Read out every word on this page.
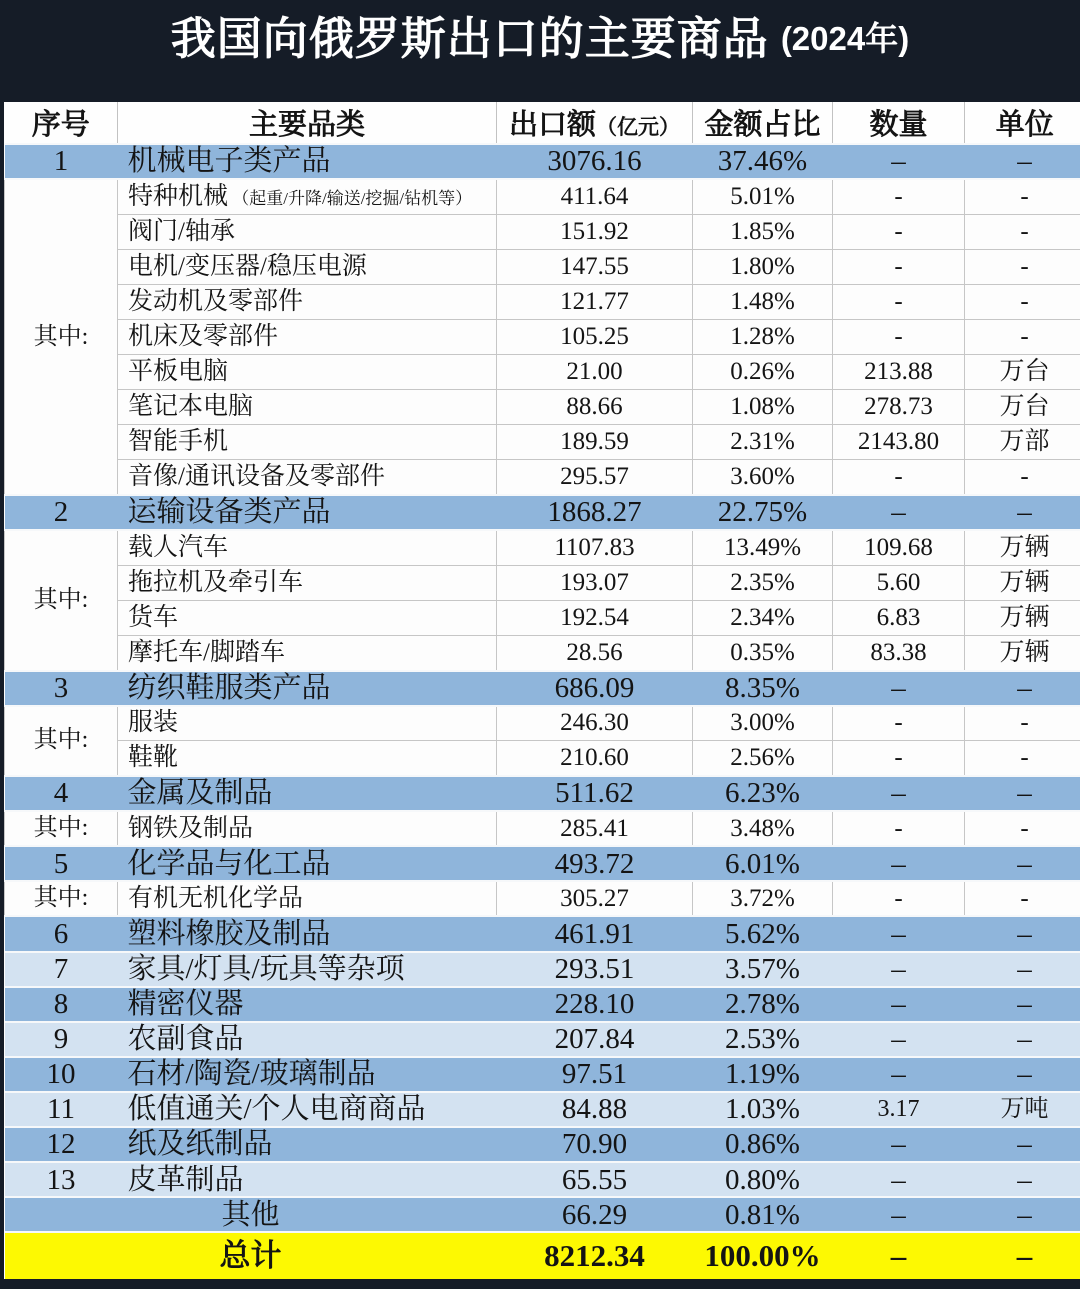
我国向俄罗斯出口的主要商品 (2024年)
序号	主要品类	出口额（亿元）	金额占比	数量	单位
1	机械电子类产品	3076.16	37.46%	–	–
其中:	特种机械 （起重/升降/输送/挖掘/钻机等）	411.64	5.01%	-	-
	阀门/轴承	151.92	1.85%	-	-
	电机/变压器/稳压电源	147.55	1.80%	-	-
	发动机及零部件	121.77	1.48%	-	-
	机床及零部件	105.25	1.28%	-	-
	平板电脑	21.00	0.26%	213.88	万台
	笔记本电脑	88.66	1.08%	278.73	万台
	智能手机	189.59	2.31%	2143.80	万部
	音像/通讯设备及零部件	295.57	3.60%	-	-
2	运输设备类产品	1868.27	22.75%	–	–
其中:	载人汽车	1107.83	13.49%	109.68	万辆
	拖拉机及牵引车	193.07	2.35%	5.60	万辆
	货车	192.54	2.34%	6.83	万辆
	摩托车/脚踏车	28.56	0.35%	83.38	万辆
3	纺织鞋服类产品	686.09	8.35%	–	–
其中:	服装	246.30	3.00%	-	-
	鞋靴	210.60	2.56%	-	-
4	金属及制品	511.62	6.23%	–	–
其中:	钢铁及制品	285.41	3.48%	-	-
5	化学品与化工品	493.72	6.01%	–	–
其中:	有机无机化学品	305.27	3.72%	-	-
6	塑料橡胶及制品	461.91	5.62%	–	–
7	家具/灯具/玩具等杂项	293.51	3.57%	–	–
8	精密仪器	228.10	2.78%	–	–
9	农副食品	207.84	2.53%	–	–
10	石材/陶瓷/玻璃制品	97.51	1.19%	–	–
11	低值通关/个人电商商品	84.88	1.03%	3.17	万吨
12	纸及纸制品	70.90	0.86%	–	–
13	皮革制品	65.55	0.80%	–	–
其他		66.29	0.81%	–	–
总计		8212.34	100.00%	–	–
